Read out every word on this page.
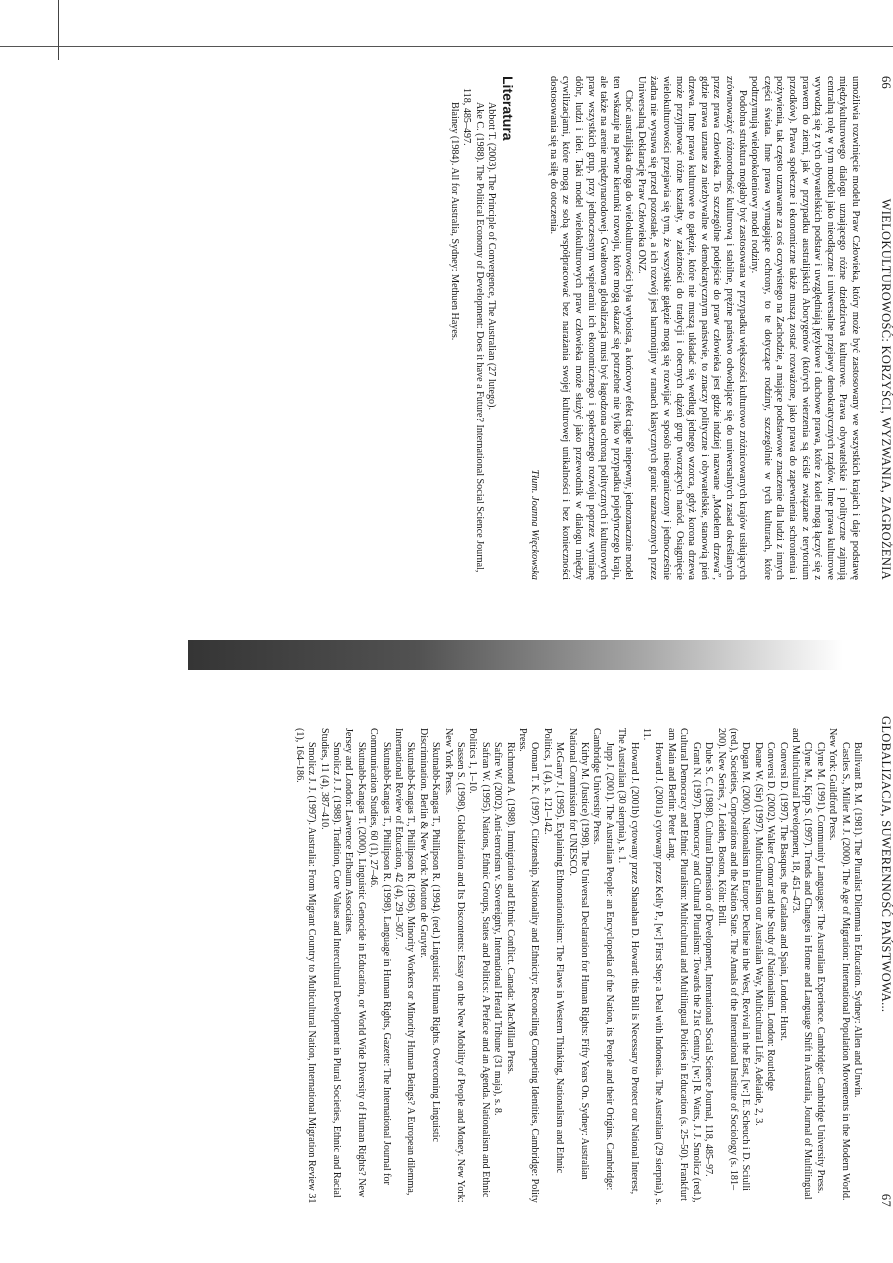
66
WIELOKULTUROWOŚĆ: KORZYŚCI, WYZWANIA, ZAGROŻENIA

umożliwia rozwinięcie modelu Praw Człowieka, który może być zastosowany we wszystkich krajach i daje podstawę międzykulturowego dialogu uznającego różne dziedzictwa kulturowe. Prawa obywatelskie i polityczne zajmują centralną rolę w tym modelu jako nieodłączne i uniwersalne przejawy demokratycznych rządów. Inne prawa kulturowe wywodzą się z tych obywatelskich podstaw i uwzględniają językowe i duchowe prawa, które z kolei mogą łączyć się z prawem do ziemi, jak w przypadku australijskich Aborygenów (których wierzenia są ściśle związane z terytorium przodków). Prawa społeczne i ekonomiczne także muszą zostać rozważone, jako prawa do zapewnienia schronienia i pożywienia, tak często uznawane za coś oczywistego na Zachodzie, a mające podstawowe znaczenie dla ludzi z innych części świata. Inne prawa wymagające ochrony, to te dotyczące rodziny, szczególnie w tych kulturach, które podtrzymują wielopokoleniowy model rodziny.

Podobna struktura mogłaby być zastosowana w przypadku większości kulturowo zróżnicowanych krajów usiłujących zrównoważyć różnorodność kulturową i stabilne, prężne państwo odwołujące się do uniwersalnych zasad określanych przez prawa człowieka. To szczególne podejście do praw człowieka jest gdzie indziej nazwane „Modelem drzewa”, gdzie prawa uznane za niezbywalne w demokratycznym państwie, to znaczy polityczne i obywatelskie, stanowią pień drzewa. Inne prawa kulturowe to gałęzie, które nie muszą układać się według jednego wzorca, gdyż korona drzewa może przyjmować różne kształty, w zależności do tradycji i obecnych dążeń grup tworzących naród. Osiągnięcie wielokulturowości przejawia się tym, że wszystkie gałęzie mogą się rozwijać w sposób nieograniczony i jednocześnie żadna nie wysuwa się przed pozostałe, a ich rozwój jest harmonijny w ramach klasycznych granic naznaczonych przez Uniwersalną Deklarację Praw Człowieka ONZ.

Choć australijska droga do wielokulturowości była wyboista, a końcowy efekt ciągle niepewny, jednoznacznie model ten wskazuje na pewne kierunki rozwoju, które mogą okazać się potrzebne nie tylko w przypadku pojedynczego kraju, ale także na arenie międzynarodowej. Gwałtowna globalizacja musi być łagodzona ochroną politycznych i kulturowych praw wszystkich grup, przy jednoczesnym wspieraniu ich ekonomicznego i społecznego rozwoju poprzez wymianę dóbr, ludzi i idei. Taki model wielokulturowych praw człowieka może służyć jako przewodnik w dialogu między cywilizacjami, które mogą ze sobą współpracować bez narażania swojej kulturowej unikalności i bez konieczności dostosowania się na siłę do otoczenia.

Tłum. Joanna Więckowska
Literatura

Abbott T. (2003). The Principle of Convergence, The Australian (27 lutego).

Ake C. (1988). The Political Economy of Development: Does it have a Future? International Social Science Journal, 118, 485–497.

Blainey (1984). All for Australia, Sydney: Methuen Hayes.

GLOBALIZACJA, SUWERENNOŚĆ PAŃSTWOWA...
67

Bullivant B. M. (1981). The Pluralist Dilemma in Education. Sydney: Allen and Unwin.

Castles S., Miller M. J. (2000). The Age of Migration: International Population Movements in the Modern World. New York: Guildford Press.

Clyne M. (1991). Community Languages: The Australian Experience. Cambridge: Cambridge University Press.

Clyne M., Kipp S. (1997). Trends and Changes in Home and Language Shift in Australia, Journal of Multilingual and Multicultural Development, 18, 451–473.

Conversi D. (1997). The Basques, the Catalans and Spain, London: Hurst.

Conversi D. (2002). Walker Connor and the Study of Nationalism. London: Routledge

Deane W. (Sir) (1997). Multiculturalism our Australian Way, Multicultural Life, Adelaide, 2, 3.

Dogan M. (2000). Nationalism in Europe: Decline in the West, Revival in the East, [w:] E. Scheuch i D. Sciulli (red.), Societies, Corporations and the Nation State. The Annals of the International Institute of Sociology (s. 181–200). New Series, 7. Leiden, Boston, Köln: Brill.

Dube S. C. (1988). Cultural Dimension of Development, International Social Science Journal, 118, 485–97.

Grant N. (1997). Democracy and Cultural Pluralism: Towards the 21st Century, [w:] R. Watts, J. J. Smolicz (red.), Cultural Democracy and Ethnic Pluralism: Multicultural and Multilingual Policies in Education (s. 25–50). Frankfurt am Main and Berlin: Peter Lang.

Howard J. (2001a) cytowany przez Kelly P., [w:] First Step: a Deal with Indonesia. The Australian (29 sierpnia), s. 11.

Howard J. (2001b) cytowany przez Shanahan D. Howard: this Bill is Necessary to Protect our National Interest, The Australian (30 sierpnia), s. 1.

Jupp J. (2001). The Australian People: an Encyclopedia of the Nation, its People and their Origins. Cambridge: Cambridge University Press.

Kirby M. (Justice) (1998). The Universal Declaration for Human Rights: Fifty Years On. Sydney: Australian National Commission for UNESCO.

McGarry J. (1995). Explaining Ethnonationalism: The Flaws in Western Thinking, Nationalism and Ethnic Politics, 1 (4), s. 121–142.

Ooman T. K. (1997). Citizenship, Nationality and Ethnicity: Reconciling Competing Identities, Cambridge: Polity Press.

Richmond A. (1988). Immigration and Ethnic Conflict. Canada: MacMillan Press.

Safire W. (2002). Anti-terrorism v. Sovereignty, International Herald Tribune (31 maja), s. 8.

Safran W. (1995). Nations, Ethnic Groups, States and Politics: A Preface and an Agenda. Nationalism and Ethnic Politics 1, 1–10.

Sassen S. (1998). Globalization and Its Discontents: Essay on the New Mobility of People and Money. New York: New York Press.

Skutnabb-Kangas T., Phillipson R. (1994). (red.) Linguistic Human Rights. Overcoming Linguistic Discrimination. Berlin & New York: Mouton de Gruyter.

Skutnabb-Kangas T., Phillipson R. (1996). Minority Workers or Minority Human Beings? A European dilemma, International Review of Education, 42 (4), 291–307.

Skutnabb-Kangas T., Phillipson R. (1998). Language in Human Rights, Gazette: The International Journal for Communication Studies, 60 (1), 27–46.

Skutnabb-Kangas T. (2000). Linguistic Genocide in Education, or World Wide Diversity of Human Rights? New Jersey and London: Lawrence Erlbaum Associates.

Smolicz J. J. (1988). Tradition, Core Values and Intercultural Development in Plural Societies, Ethnic and Racial Studies, 11 (4), 387–410.

Smolicz J. J. (1997). Australia: From Migrant Country to Multicultural Nation, International Migration Review 31 (1), 164–186.
